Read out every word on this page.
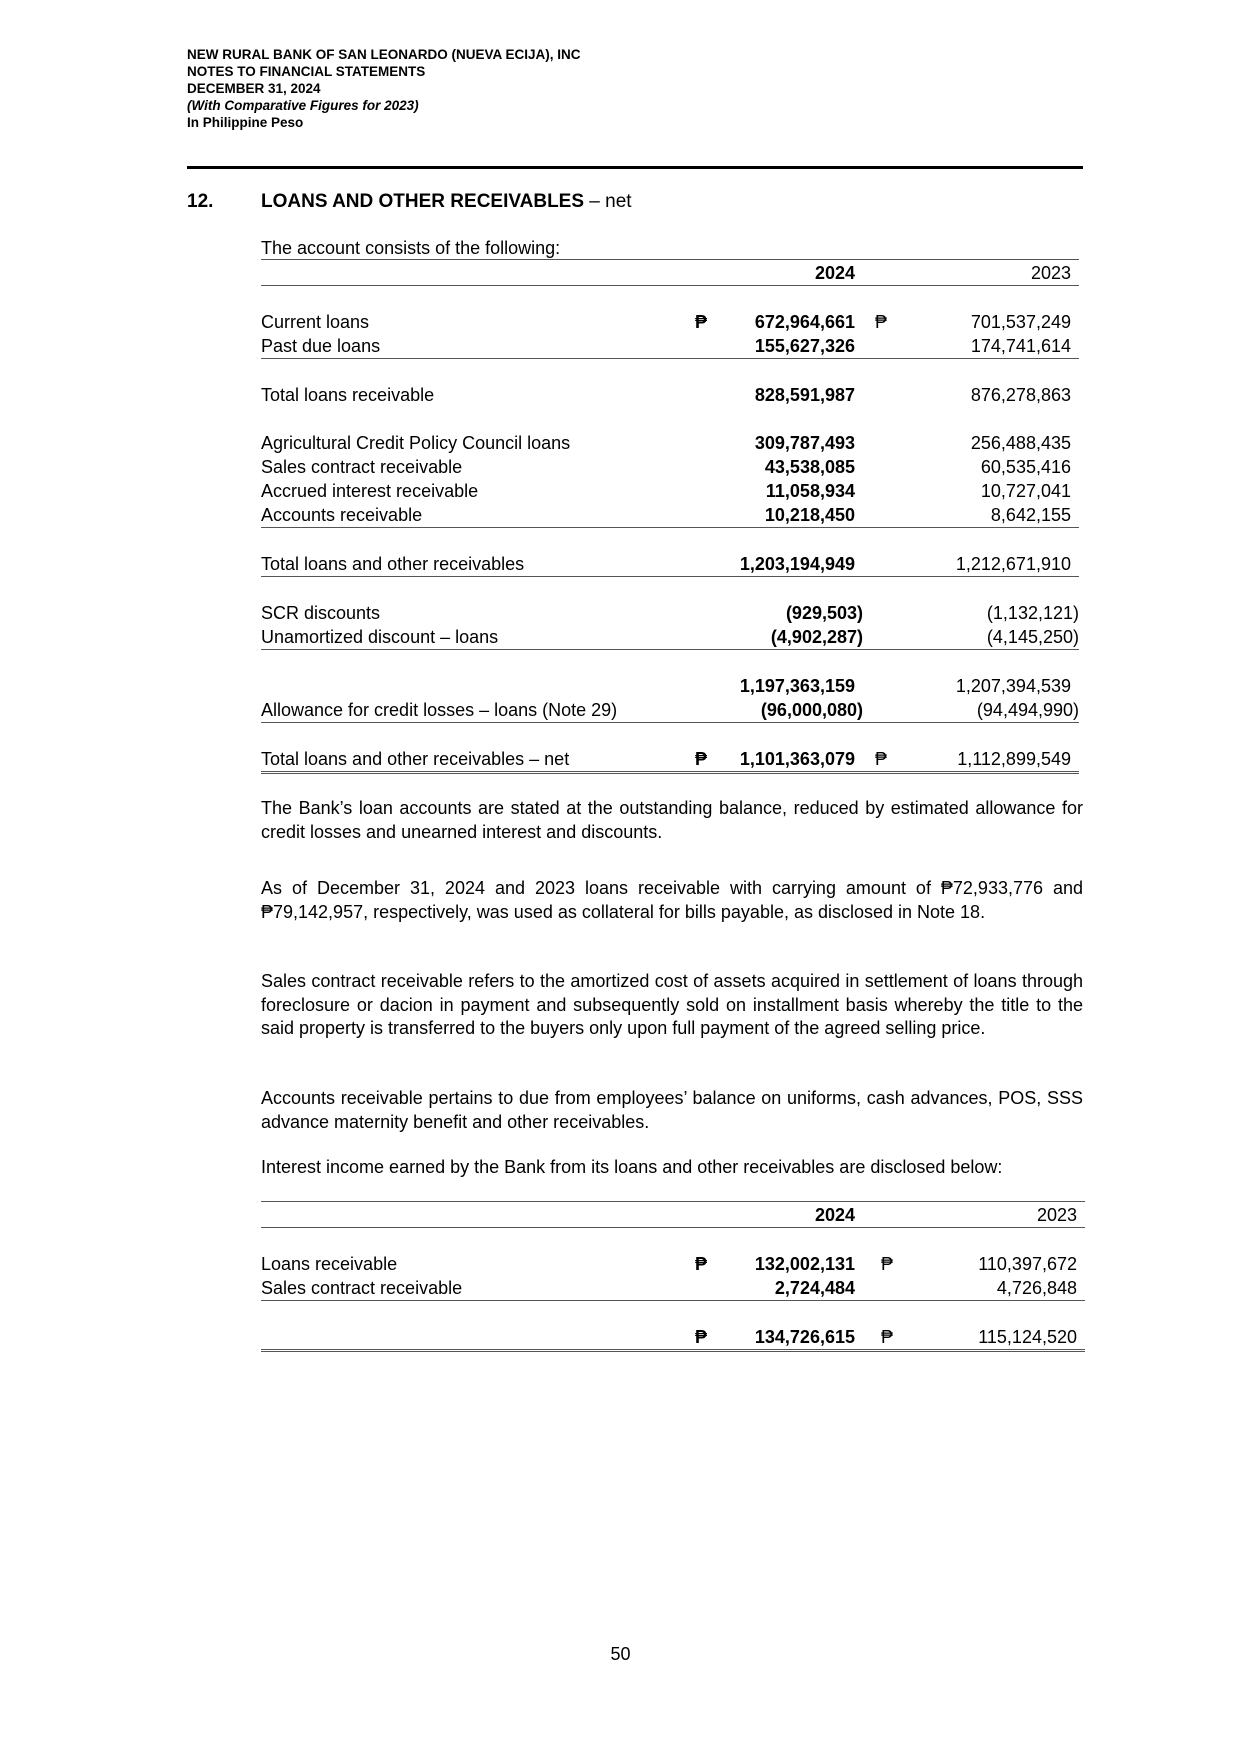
NEW RURAL BANK OF SAN LEONARDO (NUEVA ECIJA), INC
NOTES TO FINANCIAL STATEMENTS
DECEMBER 31, 2024
(With Comparative Figures for 2023)
In Philippine Peso
12.	LOANS AND OTHER RECEIVABLES – net
The account consists of the following:
		2024			2023

Current loans	₱	672,964,661		₱	701,537,249
Past due loans		155,627,326			174,741,614

Total loans receivable		828,591,987			876,278,863

Agricultural Credit Policy Council loans		309,787,493			256,488,435
Sales contract receivable		43,538,085			60,535,416
Accrued interest receivable		11,058,934			10,727,041
Accounts receivable		10,218,450			8,642,155

Total loans and other receivables		1,203,194,949			1,212,671,910

SCR discounts		(929,503)			(1,132,121)
Unamortized discount – loans		(4,902,287)			(4,145,250)

		1,197,363,159			1,207,394,539
Allowance for credit losses – loans (Note 29)		(96,000,080)			(94,494,990)

Total loans and other receivables – net	₱	1,101,363,079		₱	1,112,899,549
The Bank’s loan accounts are stated at the outstanding balance, reduced by estimated allowance for credit losses and unearned interest and discounts.
As of December 31, 2024 and 2023 loans receivable with carrying amount of ₱72,933,776 and ₱79,142,957, respectively, was used as collateral for bills payable, as disclosed in Note 18.
Sales contract receivable refers to the amortized cost of assets acquired in settlement of loans through foreclosure or dacion in payment and subsequently sold on installment basis whereby the title to the said property is transferred to the buyers only upon full payment of the agreed selling price.
Accounts receivable pertains to due from employees’ balance on uniforms, cash advances, POS, SSS advance maternity benefit and other receivables.
Interest income earned by the Bank from its loans and other receivables are disclosed below:
		2024			2023

Loans receivable	₱	132,002,131		₱	110,397,672
Sales contract receivable		2,724,484			4,726,848

	₱	134,726,615		₱	115,124,520
50
